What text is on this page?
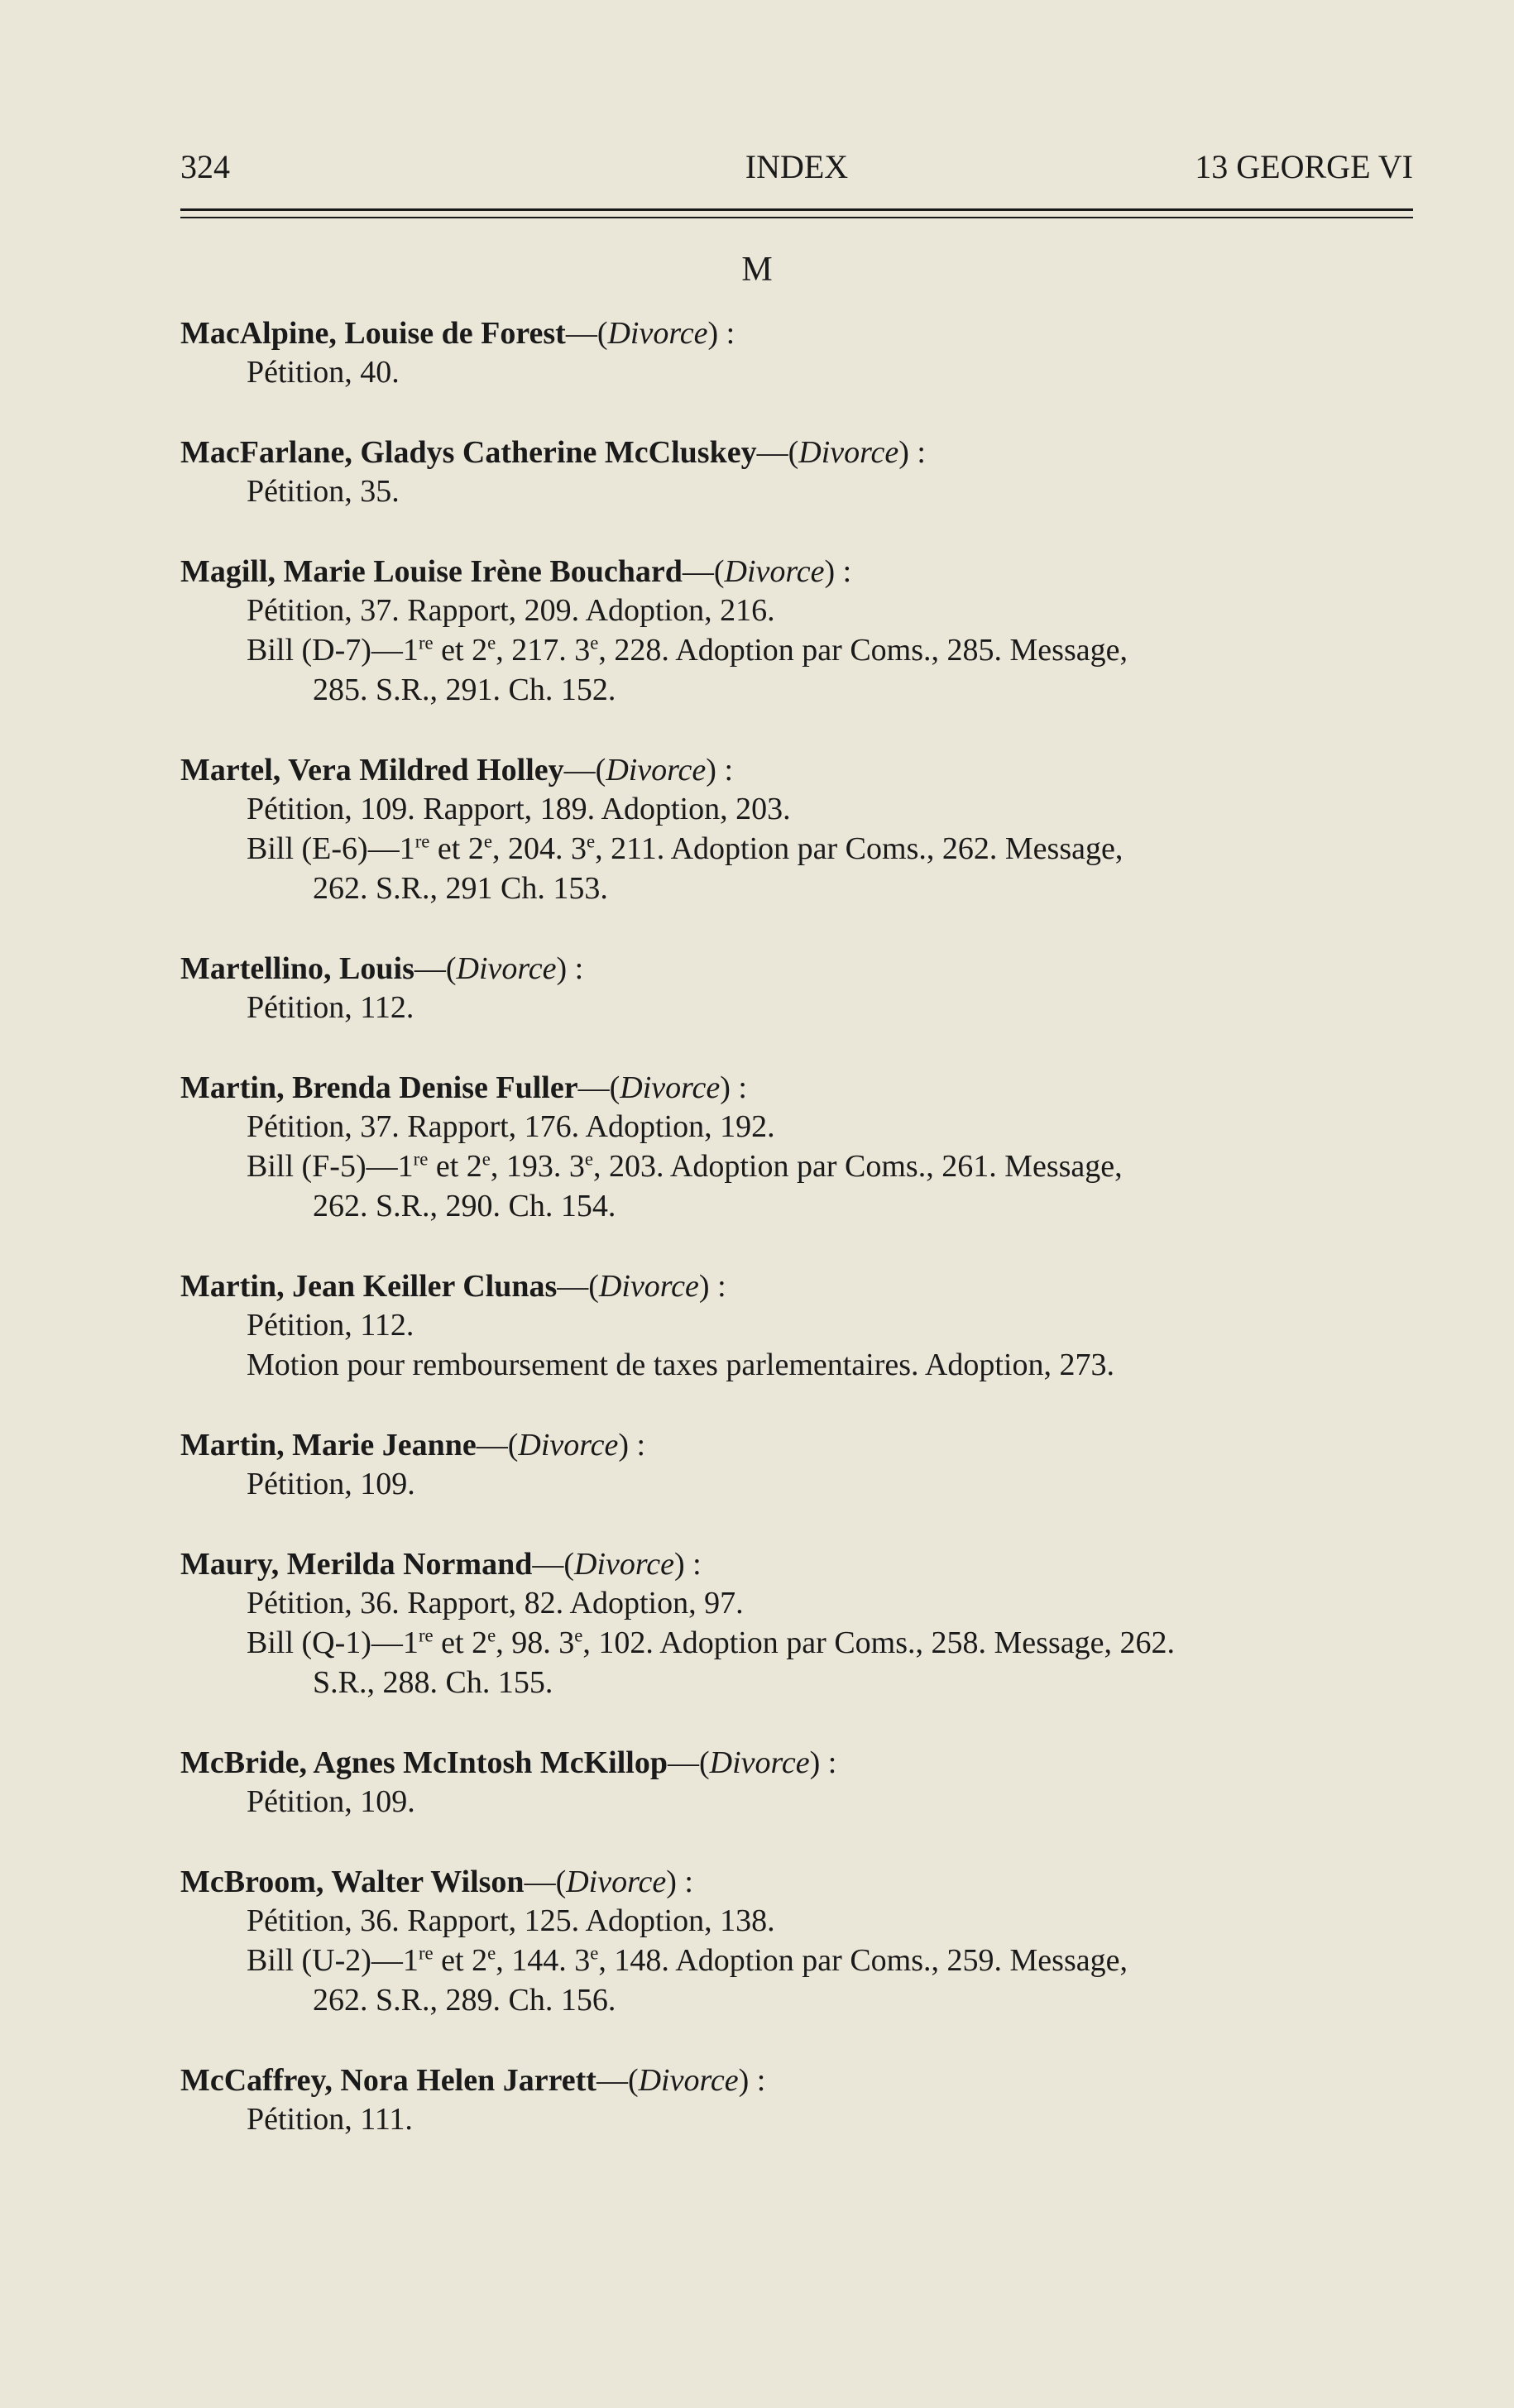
324	INDEX	13 GEORGE VI
M
MacAlpine, Louise de Forest—(Divorce) :
Pétition, 40.
MacFarlane, Gladys Catherine McCluskey—(Divorce) :
Pétition, 35.
Magill, Marie Louise Irène Bouchard—(Divorce) :
Pétition, 37. Rapport, 209. Adoption, 216.
Bill (D-7)—1re et 2e, 217. 3e, 228. Adoption par Coms., 285. Message,
285. S.R., 291. Ch. 152.
Martel, Vera Mildred Holley—(Divorce) :
Pétition, 109. Rapport, 189. Adoption, 203.
Bill (E-6)—1re et 2e, 204. 3e, 211. Adoption par Coms., 262. Message,
262. S.R., 291 Ch. 153.
Martellino, Louis—(Divorce) :
Pétition, 112.
Martin, Brenda Denise Fuller—(Divorce) :
Pétition, 37. Rapport, 176. Adoption, 192.
Bill (F-5)—1re et 2e, 193. 3e, 203. Adoption par Coms., 261. Message,
262. S.R., 290. Ch. 154.
Martin, Jean Keiller Clunas—(Divorce) :
Pétition, 112.
Motion pour remboursement de taxes parlementaires. Adoption, 273.
Martin, Marie Jeanne—(Divorce) :
Pétition, 109.
Maury, Merilda Normand—(Divorce) :
Pétition, 36. Rapport, 82. Adoption, 97.
Bill (Q-1)—1re et 2e, 98. 3e, 102. Adoption par Coms., 258. Message, 262.
S.R., 288. Ch. 155.
McBride, Agnes McIntosh McKillop—(Divorce) :
Pétition, 109.
McBroom, Walter Wilson—(Divorce) :
Pétition, 36. Rapport, 125. Adoption, 138.
Bill (U-2)—1re et 2e, 144. 3e, 148. Adoption par Coms., 259. Message,
262. S.R., 289. Ch. 156.
McCaffrey, Nora Helen Jarrett—(Divorce) :
Pétition, 111.
